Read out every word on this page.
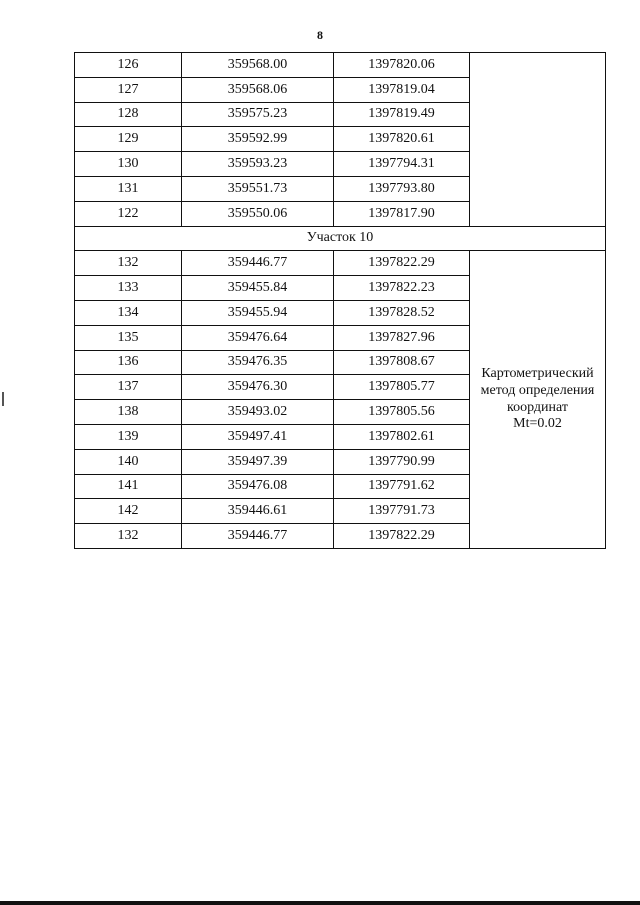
8
126	359568.00	1397820.06	
127	359568.06	1397819.04	
128	359575.23	1397819.49	
129	359592.99	1397820.61	
130	359593.23	1397794.31	
131	359551.73	1397793.80	
122	359550.06	1397817.90	
Участок 10			
132	359446.77	1397822.29	Картометрический
метод определения
координат
Mt=0.02

133	359455.84	1397822.23	
134	359455.94	1397828.52	
135	359476.64	1397827.96	
136	359476.35	1397808.67	
137	359476.30	1397805.77	
138	359493.02	1397805.56	
139	359497.41	1397802.61	
140	359497.39	1397790.99	
141	359476.08	1397791.62	
142	359446.61	1397791.73	
132	359446.77	1397822.29	
